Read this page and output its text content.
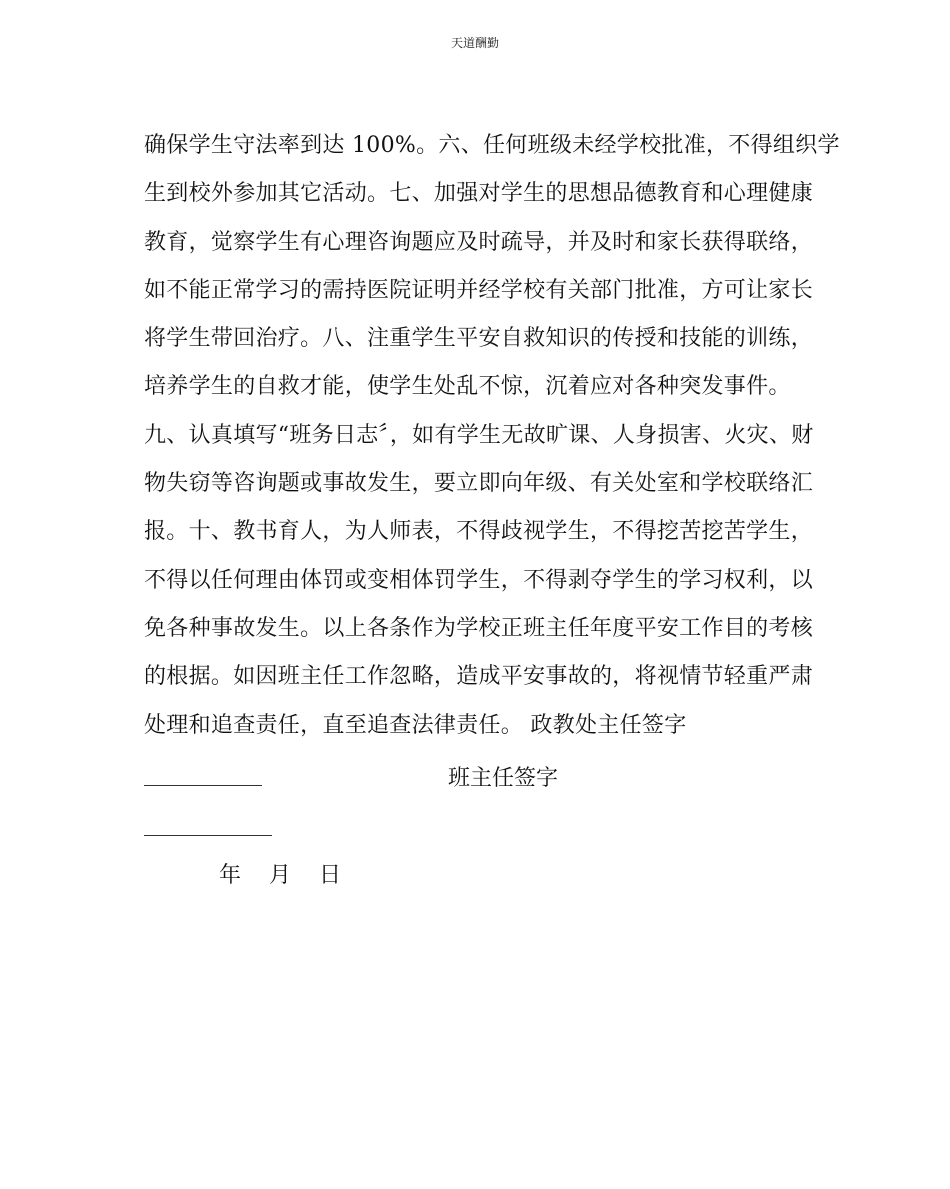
天道酬勤
确保学生守法率到达 100%。六、任何班级未经学校批准，不得组织学
生到校外参加其它活动。七、加强对学生的思想品德教育和心理健康
教育，觉察学生有心理咨询题应及时疏导，并及时和家长获得联络，
如不能正常学习的需持医院证明并经学校有关部门批准，方可让家长
将学生带回治疗。八、注重学生平安自救知识的传授和技能的训练，
培养学生的自救才能，使学生处乱不惊，沉着应对各种突发事件。
九、认真填写“班务日志〞，如有学生无故旷课、人身损害、火灾、财
物失窃等咨询题或事故发生，要立即向年级、有关处室和学校联络汇
报。十、教书育人，为人师表，不得歧视学生，不得挖苦挖苦学生，
不得以任何理由体罚或变相体罚学生，不得剥夺学生的学习权利，以
免各种事故发生。以上各条作为学校正班主任年度平安工作目的考核
的根据。如因班主任工作忽略，造成平安事故的，将视情节轻重严肃
处理和追查责任，直至追查法律责任。 政教处主任签字
班主任签字
年    月    日
